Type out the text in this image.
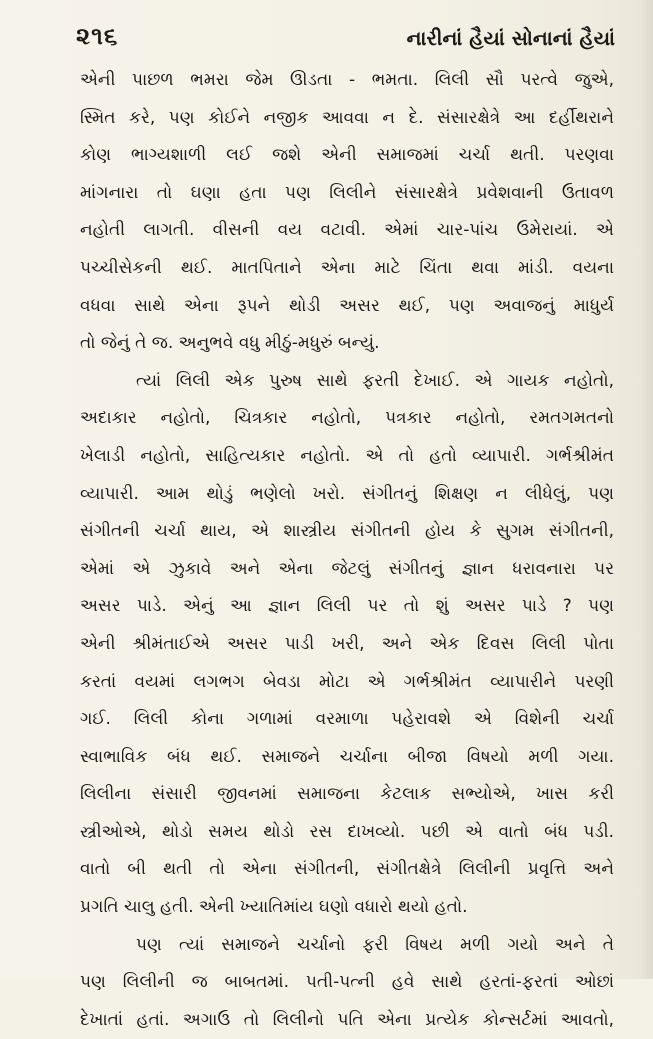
૨૧૬	નારીનાં હૈયાં સોનાનાં હૈયાં
એની પાછળ ભમરા જેમ ઊડતા - ભમતા. લિલી સૌ પરત્વે જુએ,
સ્મિત કરે, પણ કોઈને નજીક આવવા ન દે. સંસારક્ષેત્રે આ દર્હીથરાને
કોણ ભાગ્યશાળી લઈ જશે એની સમાજમાં ચર્ચા થતી. પરણવા
માંગનારા તો ઘણા હતા પણ લિલીને સંસારક્ષેત્રે પ્રવેશવાની ઉતાવળ
નહોતી લાગતી. વીસની વય વટાવી. એમાં ચાર-પાંચ ઉમેરાયાં. એ
પચ્ચીસેકની થઈ. માતપિતાને એના માટે ચિંતા થવા માંડી. વયના
વધવા સાથે એના રૂપને થોડી અસર થઈ, પણ અવાજનું માધુર્ય
તો જેનું તે જ. અનુભવે વધુ મીઠું-મધુરું બન્યું.
ત્યાં લિલી એક પુરુષ સાથે ફરતી દેખાઈ. એ ગાયક નહોતો,
અદાકાર નહોતો, ચિત્રકાર નહોતો, પત્રકાર નહોતો, રમતગમતનો
ખેલાડી નહોતો, સાહિત્યકાર નહોતો. એ તો હતો વ્યાપારી. ગર્ભશ્રીમંત
વ્યાપારી. આમ થોડું ભણેલો ખરો. સંગીતનું શિક્ષણ ન લીધેલું, પણ
સંગીતની ચર્ચા થાય, એ શાસ્ત્રીય સંગીતની હોય કે સુગમ સંગીતની,
એમાં એ ઝુકાવે અને એના જેટલું સંગીતનું જ્ઞાન ધરાવનારા પર
અસર પાડે. એનું આ જ્ઞાન લિલી પર તો શું અસર પાડે ? પણ
એની શ્રીમંતાઈએ અસર પાડી ખરી, અને એક દિવસ લિલી પોતા
કરતાં વયમાં લગભગ બેવડા મોટા એ ગર્ભશ્રીમંત વ્યાપારીને પરણી
ગઈ. લિલી કોના ગળામાં વરમાળા પહેરાવશે એ વિશેની ચર્ચા
સ્વાભાવિક બંધ થઈ. સમાજને ચર્ચાના બીજા વિષયો મળી ગયા.
લિલીના સંસારી જીવનમાં સમાજના કેટલાક સભ્યોએ, ખાસ કરી
સ્ત્રીઓએ, થોડો સમય થોડો રસ દાખવ્યો. પછી એ વાતો બંધ પડી.
વાતો બી થતી તો એના સંગીતની, સંગીતક્ષેત્રે લિલીની પ્રવૃત્તિ અને
પ્રગતિ ચાલુ હતી. એની ખ્યાતિમાંય ઘણો વધારો થયો હતો.
પણ ત્યાં સમાજને ચર્ચાનો ફરી વિષય મળી ગયો અને તે
પણ લિલીની જ બાબતમાં. પતી-પત્ની હવે સાથે હરતાં-ફરતાં ઓછાં
દેખાતાં હતાં. અગાઉ તો લિલીનો પતિ એના પ્રત્યેક કોન્સર્ટમાં આવતો,
